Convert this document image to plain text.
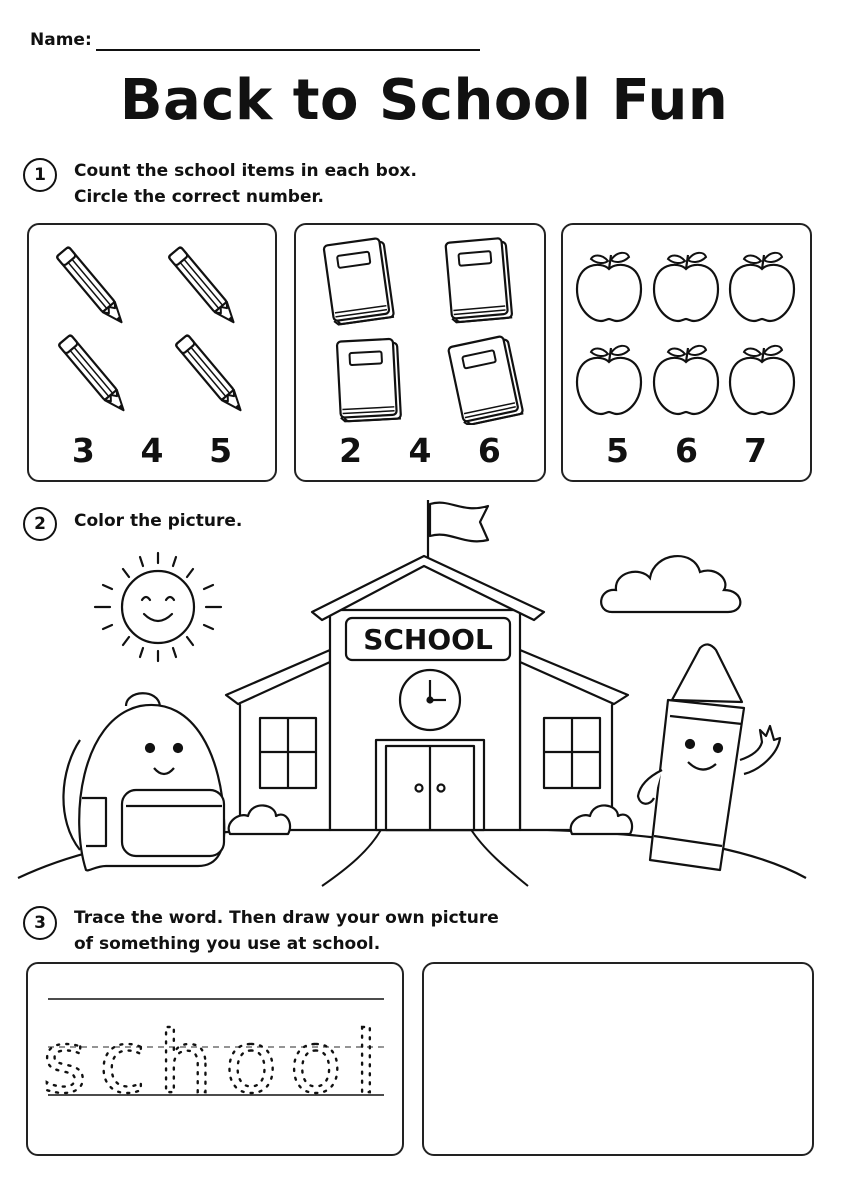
Name:
Back to School Fun
1	Count the school items in each box.
Circle the correct number.
3	4	5	2	4	6	5	6	7
2	Color the picture.
SCHOOL
3	Trace the word. Then draw your own picture
of something you use at school.
school
